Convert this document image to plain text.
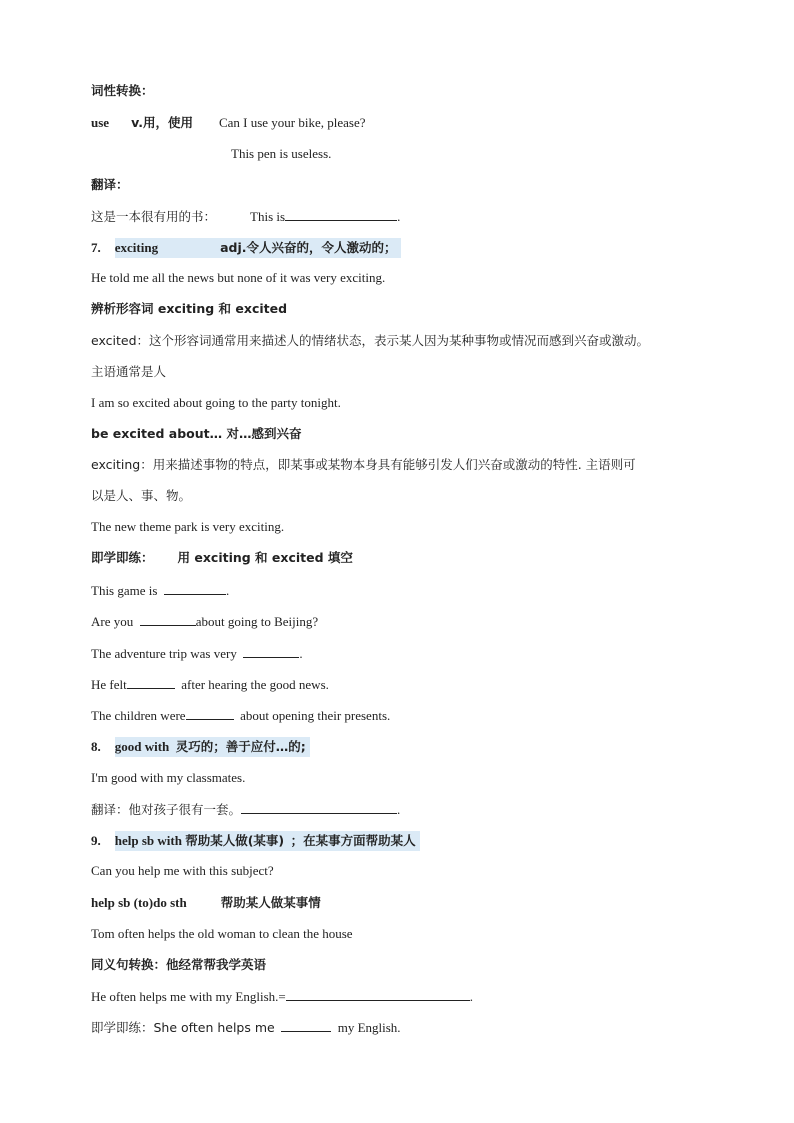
词性转换：
use v.用，使用 Can I use your bike, please?
This pen is useless.
翻译：
这是一本很有用的书：	This is	.
7. exciting	adj.令人兴奋的，令人激动的；
He told me all the news but none of it was very exciting.
辨析形容词 exciting 和 excited
excited：这个形容词通常用来描述人的情绪状态，表示某人因为某种事物或情况而感到兴奋或激动。
主语通常是人
I am so excited about going to the party tonight.
be excited about… 对…感到兴奋
exciting：用来描述事物的特点，即某事或某物本身具有能够引发人们兴奋或激动的特性. 主语则可
以是人、事、物。
The new theme park is very exciting.
即学即练： 用 exciting 和 excited 填空
This game is	.
Are you	about going to Beijing?
The adventure trip was very	.
He felt	after hearing the good news.
The children were	about opening their presents.
8. good with 灵巧的；善于应付…的;
I'm good with my classmates.
翻译：他对孩子很有一套。	.
9. help sb with 帮助某人做(某事) ；在某事方面帮助某人
Can you help me with this subject?
help sb (to)do sth	帮助某人做某事情
Tom often helps the old woman to clean the house
同义句转换：他经常帮我学英语
He often helps me with my English.=	.
即学即练：She often helps me	my English.
